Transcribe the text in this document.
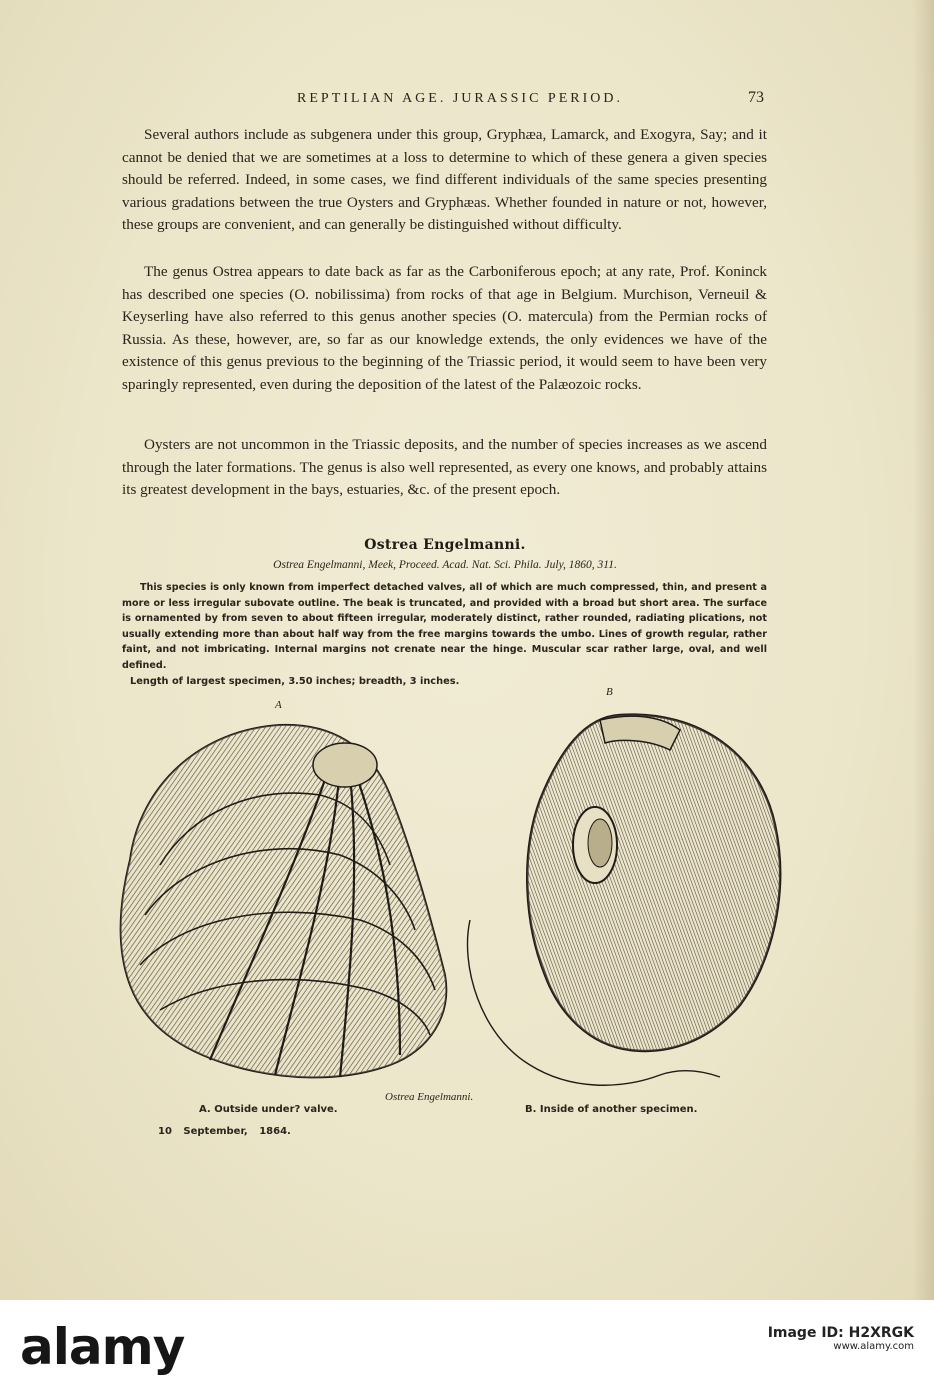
REPTILIAN AGE. JURASSIC PERIOD.	73

Several authors include as subgenera under this group, Gryphæa, Lamarck, and Exogyra, Say; and it cannot be denied that we are sometimes at a loss to determine to which of these genera a given species should be referred. Indeed, in some cases, we find different individuals of the same species presenting various gradations between the true Oysters and Gryphæas. Whether founded in nature or not, however, these groups are convenient, and can generally be distinguished without difficulty.

The genus Ostrea appears to date back as far as the Carboniferous epoch; at any rate, Prof. Koninck has described one species (O. nobilissima) from rocks of that age in Belgium. Murchison, Verneuil & Keyserling have also referred to this genus another species (O. matercula) from the Permian rocks of Russia. As these, however, are, so far as our knowledge extends, the only evidences we have of the existence of this genus previous to the beginning of the Triassic period, it would seem to have been very sparingly represented, even during the deposition of the latest of the Palæozoic rocks.

Oysters are not uncommon in the Triassic deposits, and the number of species increases as we ascend through the later formations. The genus is also well represented, as every one knows, and probably attains its greatest development in the bays, estuaries, &c. of the present epoch.

Ostrea Engelmanni.
Ostrea Engelmanni, Meek, Proceed. Acad. Nat. Sci. Phila. July, 1860, 311.

This species is only known from imperfect detached valves, all of which are much compressed, thin, and present a more or less irregular subovate outline. The beak is truncated, and provided with a broad but short area. The surface is ornamented by from seven to about fifteen irregular, moderately distinct, rather rounded, radiating plications, not usually extending more than about half way from the free margins towards the umbo. Lines of growth regular, rather faint, and not imbricating. Internal margins not crenate near the hinge. Muscular scar rather large, oval, and well defined.

Length of largest specimen, 3.50 inches; breadth, 3 inches.
A
B
Ostrea Engelmanni.
A. Outside under? valve.	B. Inside of another specimen.
10 September, 1864.
alamy	Image ID: H2XRGK
www.alamy.com
